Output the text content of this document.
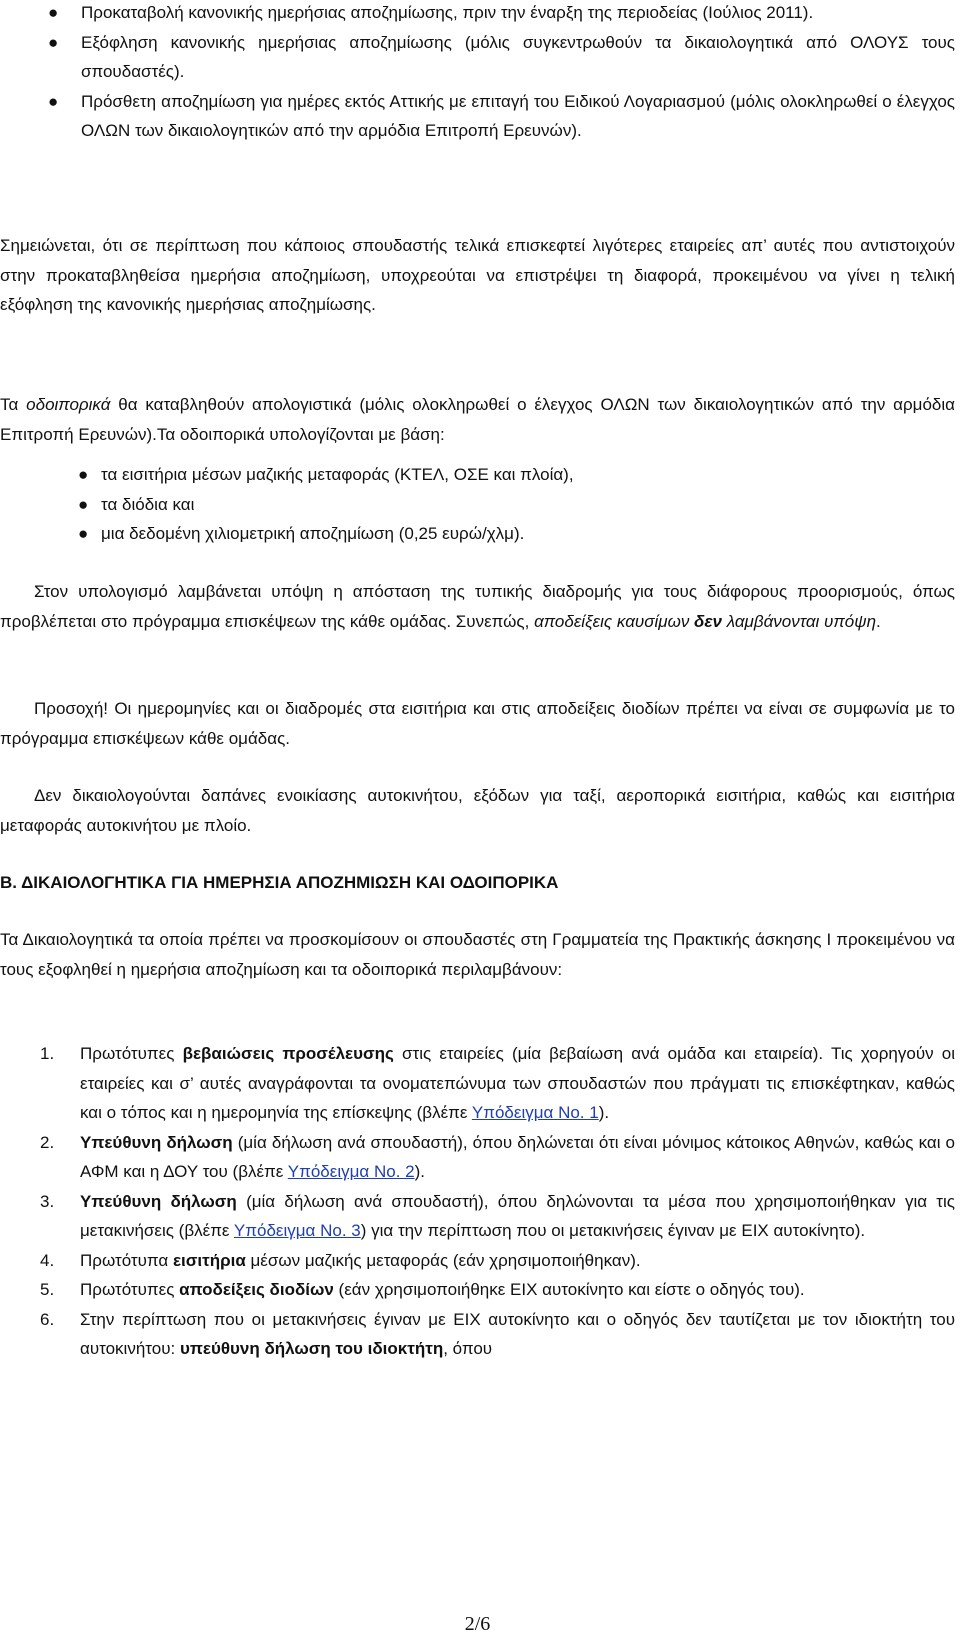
● Προκαταβολή κανονικής ημερήσιας αποζημίωσης, πριν την έναρξη της περιοδείας (Ιούλιος 2011).
● Εξόφληση κανονικής ημερήσιας αποζημίωσης (μόλις συγκεντρωθούν τα δικαιολογητικά από ΟΛΟΥΣ τους σπουδαστές).
● Πρόσθετη αποζημίωση για ημέρες εκτός Αττικής με επιταγή του Ειδικού Λογαριασμού (μόλις ολοκληρωθεί ο έλεγχος ΟΛΩΝ των δικαιολογητικών από την αρμόδια Επιτροπή Ερευνών).
Σημειώνεται, ότι σε περίπτωση που κάποιος σπουδαστής τελικά επισκεφτεί λιγότερες εταιρείες απ’ αυτές που αντιστοιχούν στην προκαταβληθείσα ημερήσια αποζημίωση, υποχρεούται να επιστρέψει τη διαφορά, προκειμένου να γίνει η τελική εξόφληση της κανονικής ημερήσιας αποζημίωσης.
Τα οδοιπορικά θα καταβληθούν απολογιστικά (μόλις ολοκληρωθεί ο έλεγχος ΟΛΩΝ των δικαιολογητικών από την αρμόδια Επιτροπή Ερευνών).Τα οδοιπορικά υπολογίζονται με βάση:
● τα εισιτήρια μέσων μαζικής μεταφοράς (ΚΤΕΛ, ΟΣΕ και πλοία),
● τα διόδια και
● μια δεδομένη χιλιομετρική αποζημίωση (0,25 ευρώ/χλμ).
Στον υπολογισμό λαμβάνεται υπόψη η απόσταση της τυπικής διαδρομής για τους διάφορους προορισμούς, όπως προβλέπεται στο πρόγραμμα επισκέψεων της κάθε ομάδας. Συνεπώς, αποδείξεις καυσίμων δεν λαμβάνονται υπόψη.
Προσοχή! Οι ημερομηνίες και οι διαδρομές στα εισιτήρια και στις αποδείξεις διοδίων πρέπει να είναι σε συμφωνία με το πρόγραμμα επισκέψεων κάθε ομάδας.
Δεν δικαιολογούνται δαπάνες ενοικίασης αυτοκινήτου, εξόδων για ταξί, αεροπορικά εισιτήρια, καθώς και εισιτήρια μεταφοράς αυτοκινήτου με πλοίο.
Β. ΔΙΚΑΙΟΛΟΓΗΤΙΚΑ ΓΙΑ ΗΜΕΡΗΣΙΑ ΑΠΟΖΗΜΙΩΣΗ ΚΑΙ ΟΔΟΙΠΟΡΙΚΑ
Τα Δικαιολογητικά τα οποία πρέπει να προσκομίσουν οι σπουδαστές στη Γραμματεία της Πρακτικής άσκησης Ι προκειμένου να τους εξοφληθεί η ημερήσια αποζημίωση και τα οδοιπορικά περιλαμβάνουν:
1. Πρωτότυπες βεβαιώσεις προσέλευσης στις εταιρείες (μία βεβαίωση ανά ομάδα και εταιρεία). Τις χορηγούν οι εταιρείες και σ’ αυτές αναγράφονται τα ονοματεπώνυμα των σπουδαστών που πράγματι τις επισκέφτηκαν, καθώς και ο τόπος και η ημερομηνία της επίσκεψης (βλέπε Υπόδειγμα No. 1).
2. Υπεύθυνη δήλωση (μία δήλωση ανά σπουδαστή), όπου δηλώνεται ότι είναι μόνιμος κάτοικος Αθηνών, καθώς και ο ΑΦΜ και η ΔΟΥ του (βλέπε Υπόδειγμα No. 2).
3. Υπεύθυνη δήλωση (μία δήλωση ανά σπουδαστή), όπου δηλώνονται τα μέσα που χρησιμοποιήθηκαν για τις μετακινήσεις (βλέπε Υπόδειγμα No. 3) για την περίπτωση που οι μετακινήσεις έγιναν με ΕΙΧ αυτοκίνητο).
4. Πρωτότυπα εισιτήρια μέσων μαζικής μεταφοράς (εάν χρησιμοποιήθηκαν).
5. Πρωτότυπες αποδείξεις διοδίων (εάν χρησιμοποιήθηκε ΕΙΧ αυτοκίνητο και είστε ο οδηγός του).
6. Στην περίπτωση που οι μετακινήσεις έγιναν με ΕΙΧ αυτοκίνητο και ο οδηγός δεν ταυτίζεται με τον ιδιοκτήτη του αυτοκινήτου: υπεύθυνη δήλωση του ιδιοκτήτη, όπου
2/6
